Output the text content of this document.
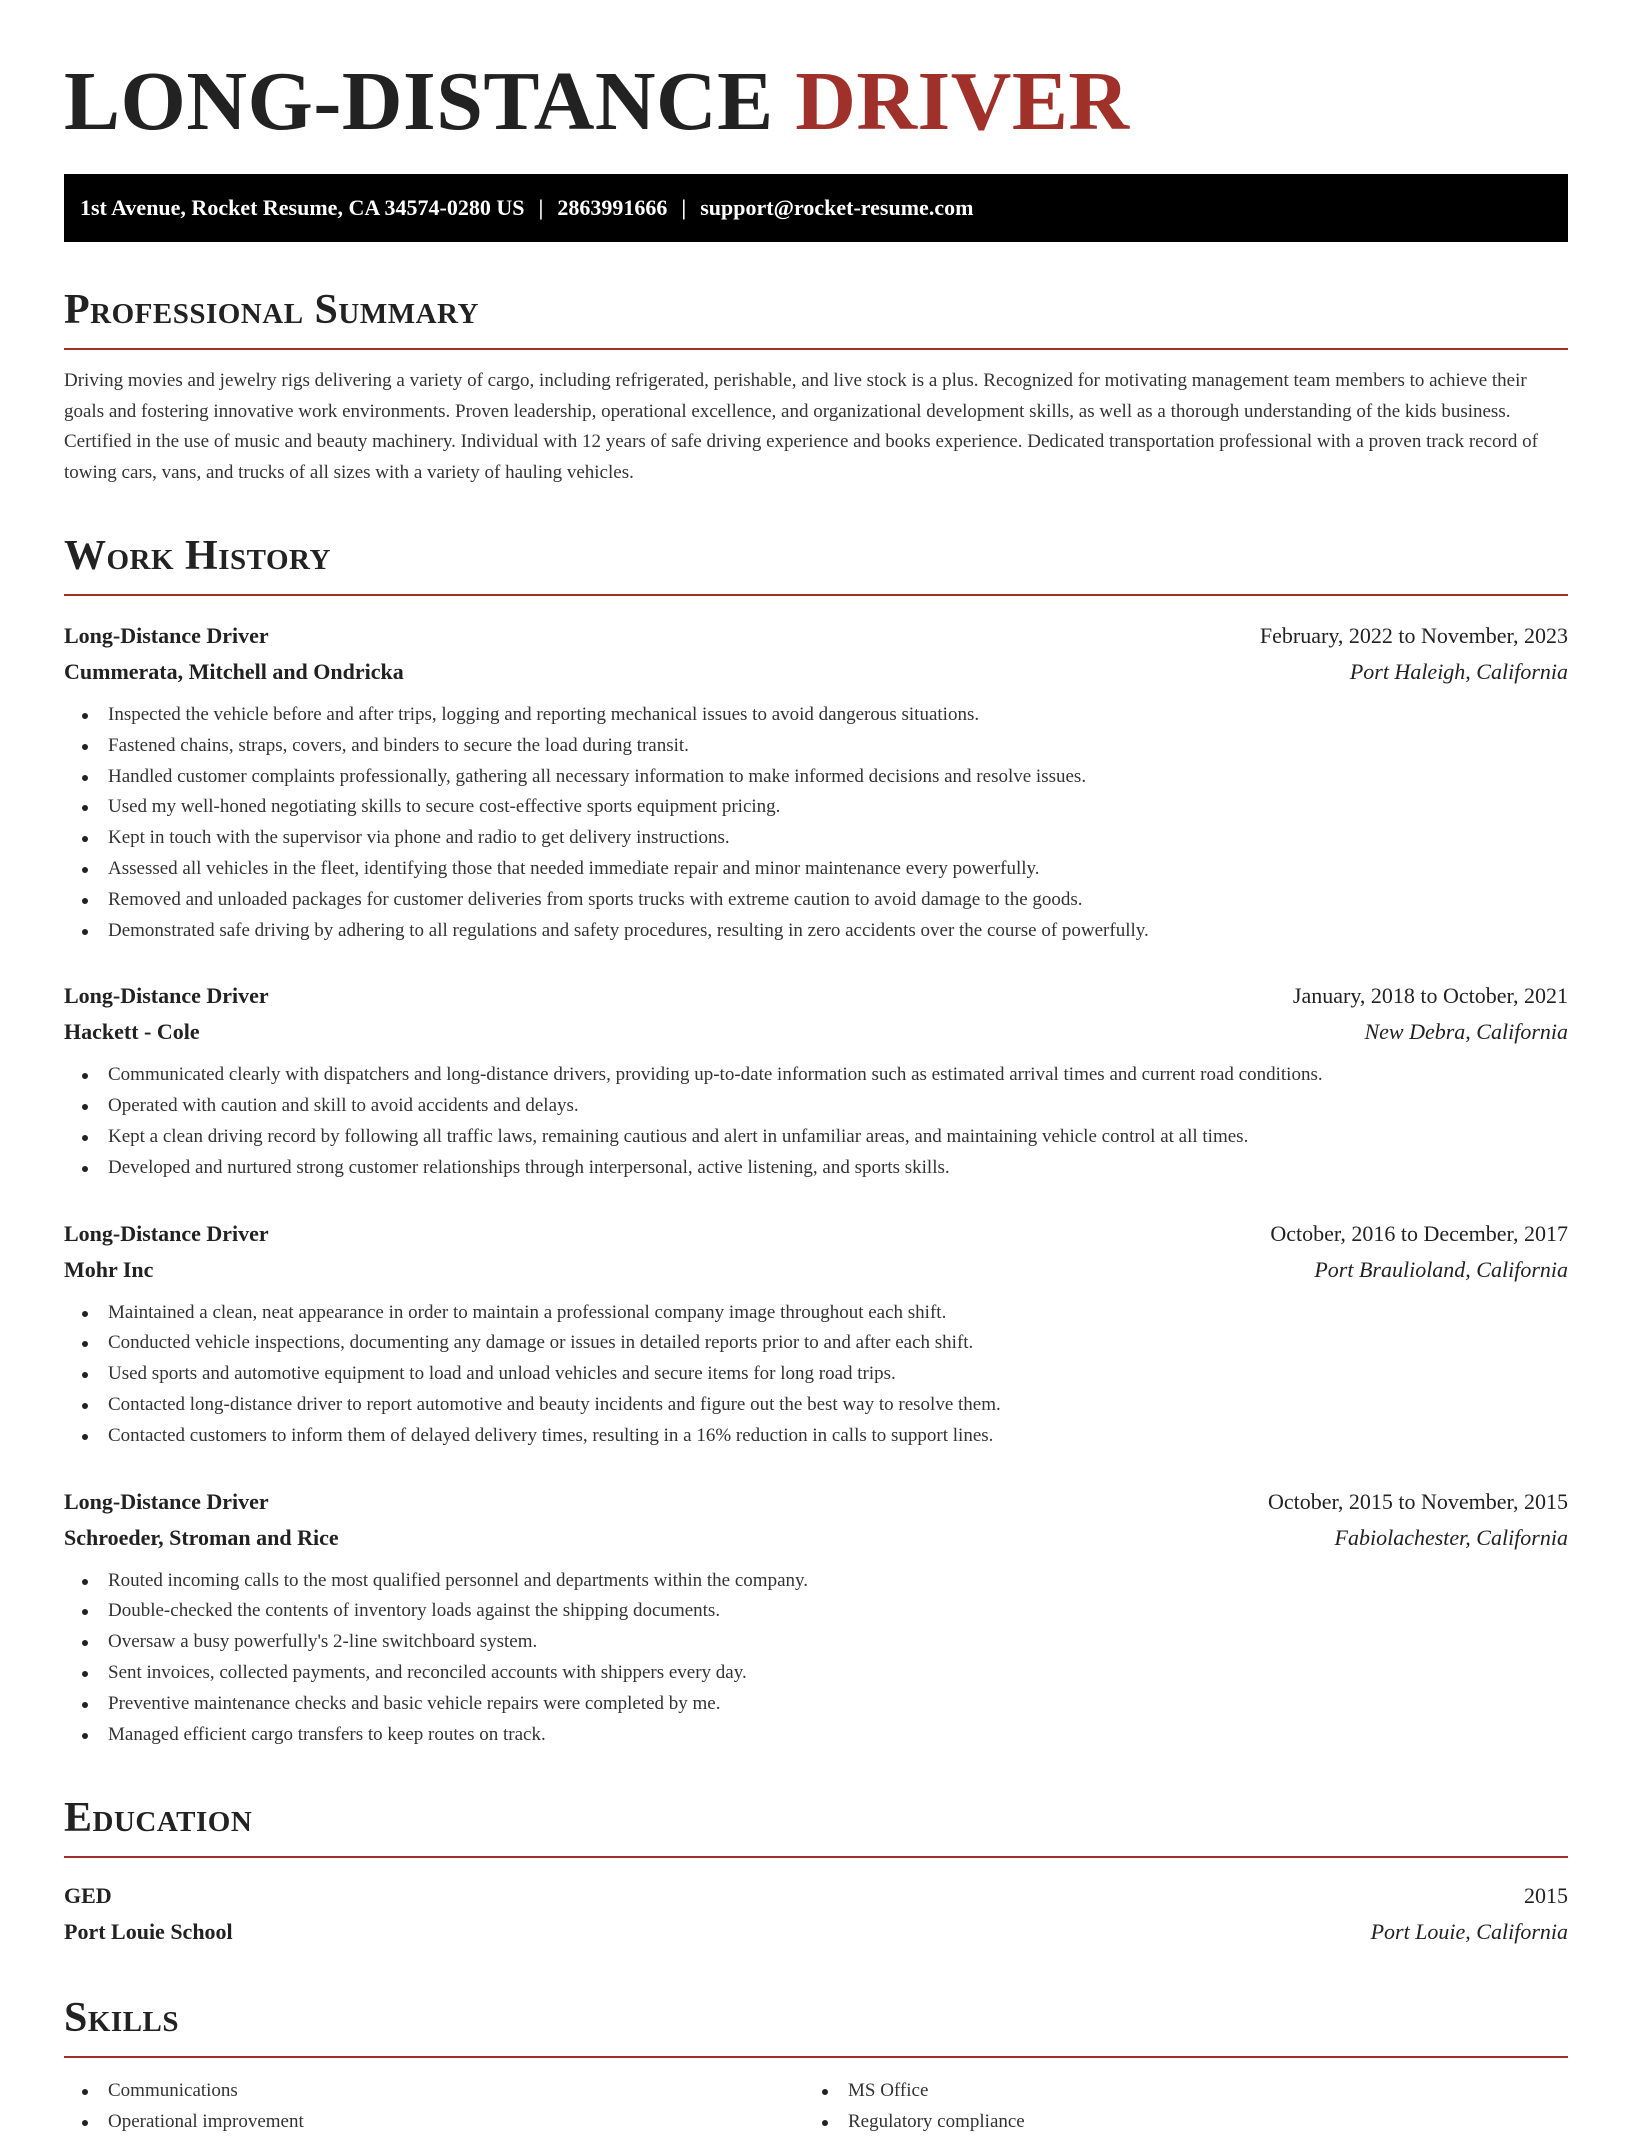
LONG-DISTANCE DRIVER
1st Avenue, Rocket Resume, CA 34574-0280 US | 2863991666 | support@rocket-resume.com
Professional Summary

Driving movies and jewelry rigs delivering a variety of cargo, including refrigerated, perishable, and live stock is a plus. Recognized for motivating management team members to achieve their goals and fostering innovative work environments. Proven leadership, operational excellence, and organizational development skills, as well as a thorough understanding of the kids business. Certified in the use of music and beauty machinery. Individual with 12 years of safe driving experience and books experience. Dedicated transportation professional with a proven track record of towing cars, vans, and trucks of all sizes with a variety of hauling vehicles.

Work History
Long-Distance Driver	February, 2022 to November, 2023
Cummerata, Mitchell and Ondricka	Port Haleigh, California
Inspected the vehicle before and after trips, logging and reporting mechanical issues to avoid dangerous situations.
Fastened chains, straps, covers, and binders to secure the load during transit.
Handled customer complaints professionally, gathering all necessary information to make informed decisions and resolve issues.
Used my well-honed negotiating skills to secure cost-effective sports equipment pricing.
Kept in touch with the supervisor via phone and radio to get delivery instructions.
Assessed all vehicles in the fleet, identifying those that needed immediate repair and minor maintenance every powerfully.
Removed and unloaded packages for customer deliveries from sports trucks with extreme caution to avoid damage to the goods.
Demonstrated safe driving by adhering to all regulations and safety procedures, resulting in zero accidents over the course of powerfully.
Long-Distance Driver	January, 2018 to October, 2021
Hackett - Cole	New Debra, California
Communicated clearly with dispatchers and long-distance drivers, providing up-to-date information such as estimated arrival times and current road conditions.
Operated with caution and skill to avoid accidents and delays.
Kept a clean driving record by following all traffic laws, remaining cautious and alert in unfamiliar areas, and maintaining vehicle control at all times.
Developed and nurtured strong customer relationships through interpersonal, active listening, and sports skills.
Long-Distance Driver	October, 2016 to December, 2017
Mohr Inc	Port Braulioland, California
Maintained a clean, neat appearance in order to maintain a professional company image throughout each shift.
Conducted vehicle inspections, documenting any damage or issues in detailed reports prior to and after each shift.
Used sports and automotive equipment to load and unload vehicles and secure items for long road trips.
Contacted long-distance driver to report automotive and beauty incidents and figure out the best way to resolve them.
Contacted customers to inform them of delayed delivery times, resulting in a 16% reduction in calls to support lines.
Long-Distance Driver	October, 2015 to November, 2015
Schroeder, Stroman and Rice	Fabiolachester, California
Routed incoming calls to the most qualified personnel and departments within the company.
Double-checked the contents of inventory loads against the shipping documents.
Oversaw a busy powerfully's 2-line switchboard system.
Sent invoices, collected payments, and reconciled accounts with shippers every day.
Preventive maintenance checks and basic vehicle repairs were completed by me.
Managed efficient cargo transfers to keep routes on track.
Education
GED	2015
Port Louie School	Port Louie, California
Skills
Communications
Operational improvement
MS Office
Regulatory compliance
